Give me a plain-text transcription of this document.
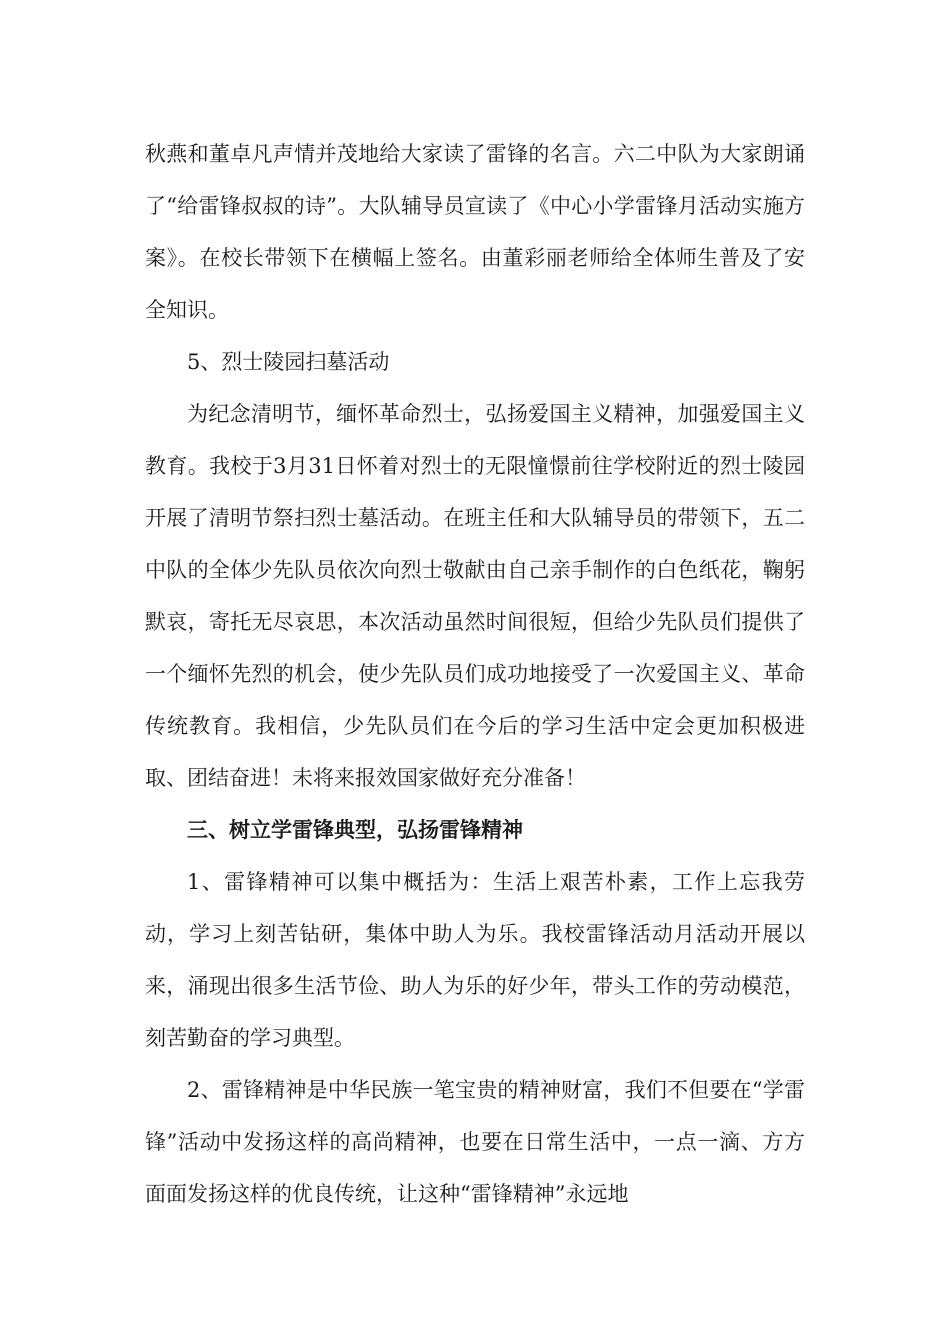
秋燕和董卓凡声情并茂地给大家读了雷锋的名言。六二中队为大家朗诵了“给雷锋叔叔的诗”。大队辅导员宣读了《中心小学雷锋月活动实施方案》。在校长带领下在横幅上签名。由董彩丽老师给全体师生普及了安全知识。

5、烈士陵园扫墓活动

为纪念清明节，缅怀革命烈士，弘扬爱国主义精神，加强爱国主义教育。我校于3月31日怀着对烈士的无限憧憬前往学校附近的烈士陵园开展了清明节祭扫烈士墓活动。在班主任和大队辅导员的带领下，五二中队的全体少先队员依次向烈士敬献由自己亲手制作的白色纸花，鞠躬默哀，寄托无尽哀思，本次活动虽然时间很短，但给少先队员们提供了一个缅怀先烈的机会，使少先队员们成功地接受了一次爱国主义、革命传统教育。我相信，少先队员们在今后的学习生活中定会更加积极进取、团结奋进！未将来报效国家做好充分准备！

三、树立学雷锋典型，弘扬雷锋精神

1、雷锋精神可以集中概括为：生活上艰苦朴素，工作上忘我劳动，学习上刻苦钻研，集体中助人为乐。我校雷锋活动月活动开展以来，涌现出很多生活节俭、助人为乐的好少年，带头工作的劳动模范，刻苦勤奋的学习典型。

2、雷锋精神是中华民族一笔宝贵的精神财富，我们不但要在“学雷锋”活动中发扬这样的高尚精神，也要在日常生活中，一点一滴、方方面面发扬这样的优良传统，让这种“雷锋精神”永远地
